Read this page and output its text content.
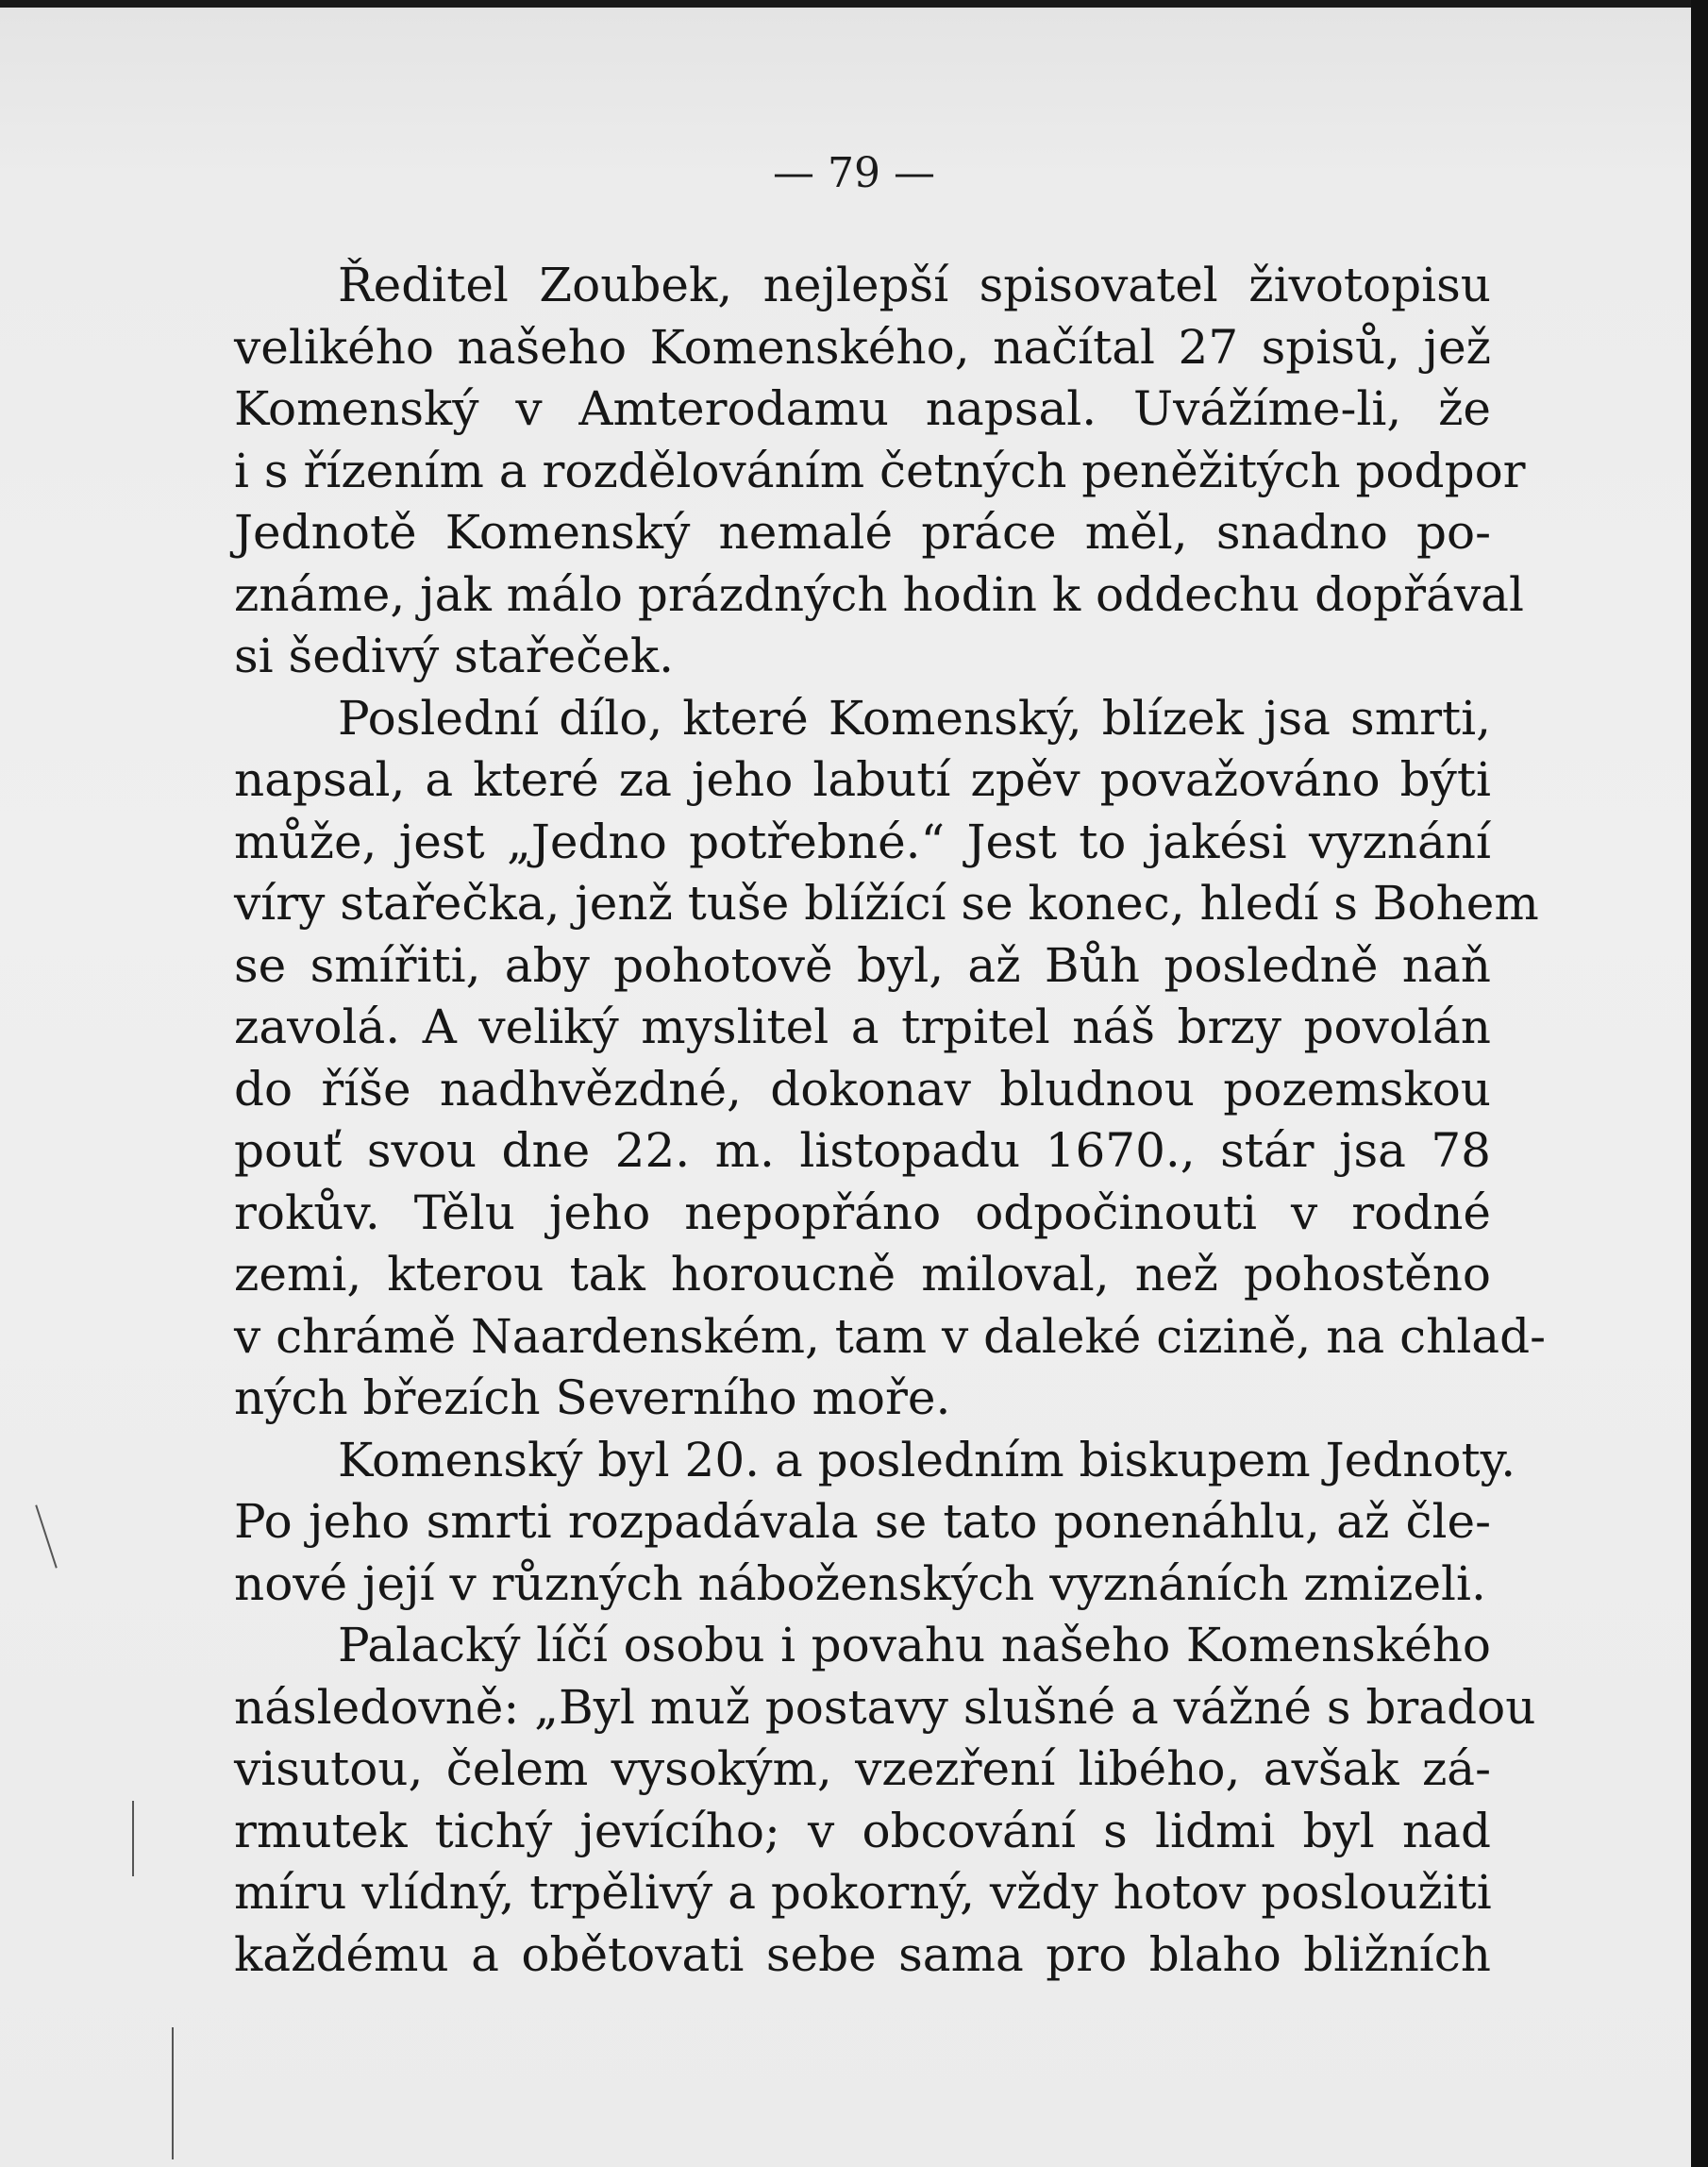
— 79 —
Ředitel Zoubek, nejlepší spisovatel životopisu
velikého našeho Komenského, načítal 27 spisů, jež
Komenský v Amterodamu napsal. Uvážíme-li, že
i s řízením a rozdělováním četných peněžitých podpor
Jednotě Komenský nemalé práce měl, snadno po-
známe, jak málo prázdných hodin k oddechu dopřával
si šedivý stařeček.
Poslední dílo, které Komenský, blízek jsa smrti,
napsal, a které za jeho labutí zpěv považováno býti
může, jest „Jedno potřebné.“ Jest to jakési vyznání
víry stařečka, jenž tuše blížící se konec, hledí s Bohem
se smířiti, aby pohotově byl, až Bůh posledně naň
zavolá. A veliký myslitel a trpitel náš brzy povolán
do říše nadhvězdné, dokonav bludnou pozemskou
pouť svou dne 22. m. listopadu 1670., stár jsa 78
rokův. Tělu jeho nepopřáno odpočinouti v rodné
zemi, kterou tak horoucně miloval, než pohostěno
v chrámě Naardenském, tam v daleké cizině, na chlad-
ných březích Severního moře.
Komenský byl 20. a posledním biskupem Jednoty.
Po jeho smrti rozpadávala se tato ponenáhlu, až čle-
nové její v různých náboženských vyznáních zmizeli.
Palacký líčí osobu i povahu našeho Komenského
následovně: „Byl muž postavy slušné a vážné s bradou
visutou, čelem vysokým, vzezření libého, avšak zá-
rmutek tichý jevícího; v obcování s lidmi byl nad
míru vlídný, trpělivý a pokorný, vždy hotov posloužiti
každému a obětovati sebe sama pro blaho bližních
